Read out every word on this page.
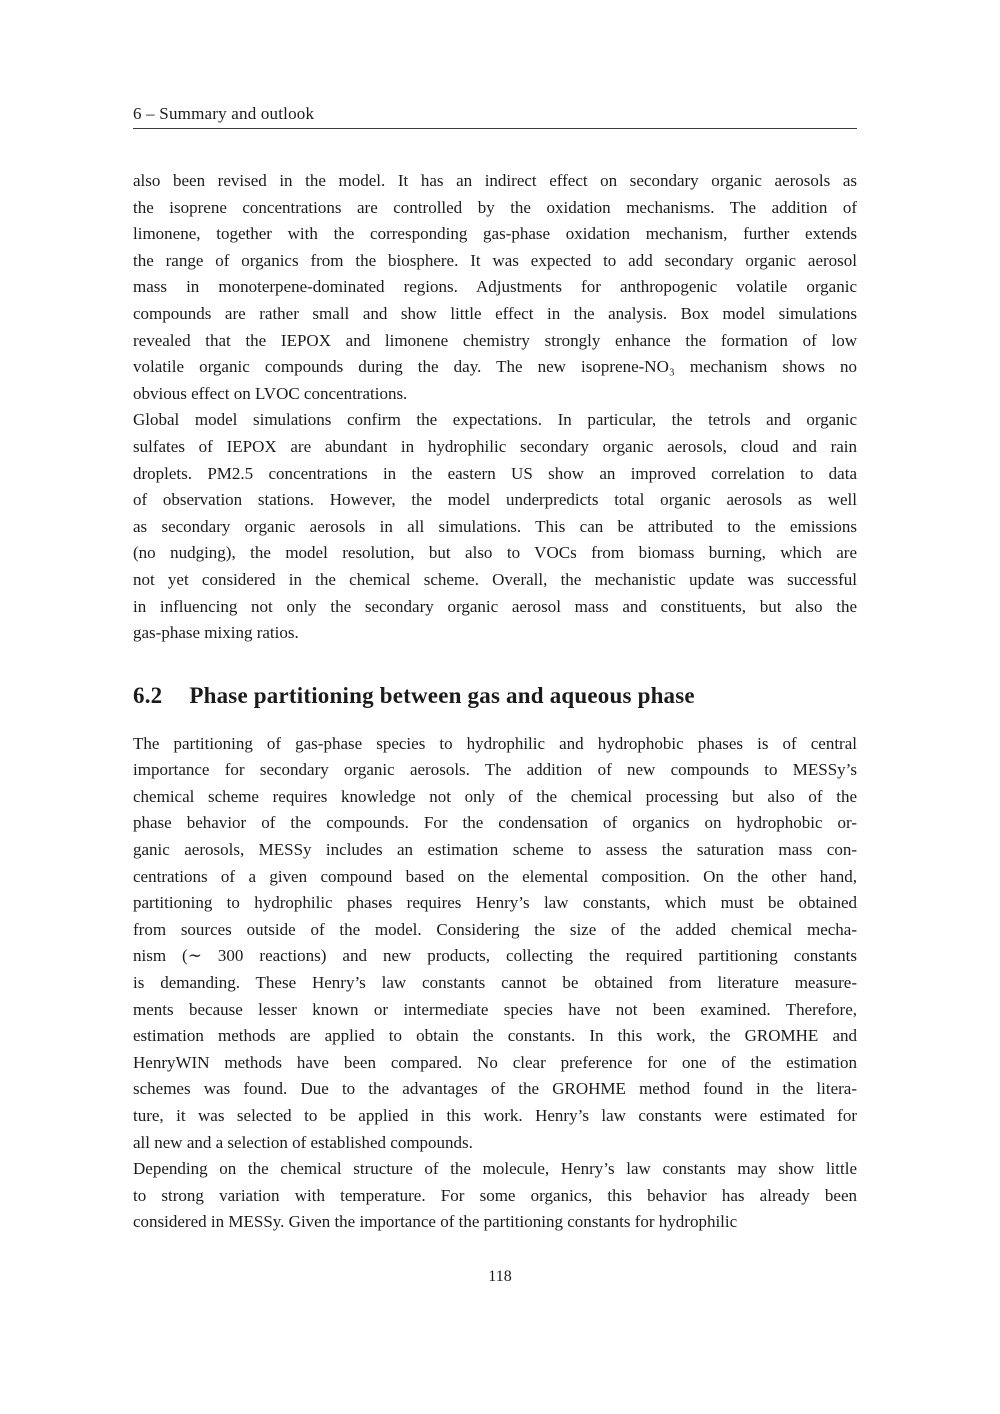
6 – Summary and outlook
also been revised in the model. It has an indirect effect on secondary organic aerosols as
the isoprene concentrations are controlled by the oxidation mechanisms. The addition of
limonene, together with the corresponding gas-phase oxidation mechanism, further extends
the range of organics from the biosphere. It was expected to add secondary organic aerosol
mass in monoterpene-dominated regions. Adjustments for anthropogenic volatile organic
compounds are rather small and show little effect in the analysis. Box model simulations
revealed that the IEPOX and limonene chemistry strongly enhance the formation of low
volatile organic compounds during the day. The new isoprene-NO₃ mechanism shows no
obvious effect on LVOC concentrations.
Global model simulations confirm the expectations. In particular, the tetrols and organic
sulfates of IEPOX are abundant in hydrophilic secondary organic aerosols, cloud and rain
droplets. PM2.5 concentrations in the eastern US show an improved correlation to data
of observation stations. However, the model underpredicts total organic aerosols as well
as secondary organic aerosols in all simulations. This can be attributed to the emissions
(no nudging), the model resolution, but also to VOCs from biomass burning, which are
not yet considered in the chemical scheme. Overall, the mechanistic update was successful
in influencing not only the secondary organic aerosol mass and constituents, but also the
gas-phase mixing ratios.
6.2 Phase partitioning between gas and aqueous phase
The partitioning of gas-phase species to hydrophilic and hydrophobic phases is of central
importance for secondary organic aerosols. The addition of new compounds to MESSy’s
chemical scheme requires knowledge not only of the chemical processing but also of the
phase behavior of the compounds. For the condensation of organics on hydrophobic or-
ganic aerosols, MESSy includes an estimation scheme to assess the saturation mass con-
centrations of a given compound based on the elemental composition. On the other hand,
partitioning to hydrophilic phases requires Henry’s law constants, which must be obtained
from sources outside of the model. Considering the size of the added chemical mecha-
nism (∼ 300 reactions) and new products, collecting the required partitioning constants
is demanding. These Henry’s law constants cannot be obtained from literature measure-
ments because lesser known or intermediate species have not been examined. Therefore,
estimation methods are applied to obtain the constants. In this work, the GROMHE and
HenryWIN methods have been compared. No clear preference for one of the estimation
schemes was found. Due to the advantages of the GROHME method found in the litera-
ture, it was selected to be applied in this work. Henry’s law constants were estimated for
all new and a selection of established compounds.
Depending on the chemical structure of the molecule, Henry’s law constants may show little
to strong variation with temperature. For some organics, this behavior has already been
considered in MESSy. Given the importance of the partitioning constants for hydrophilic
118
